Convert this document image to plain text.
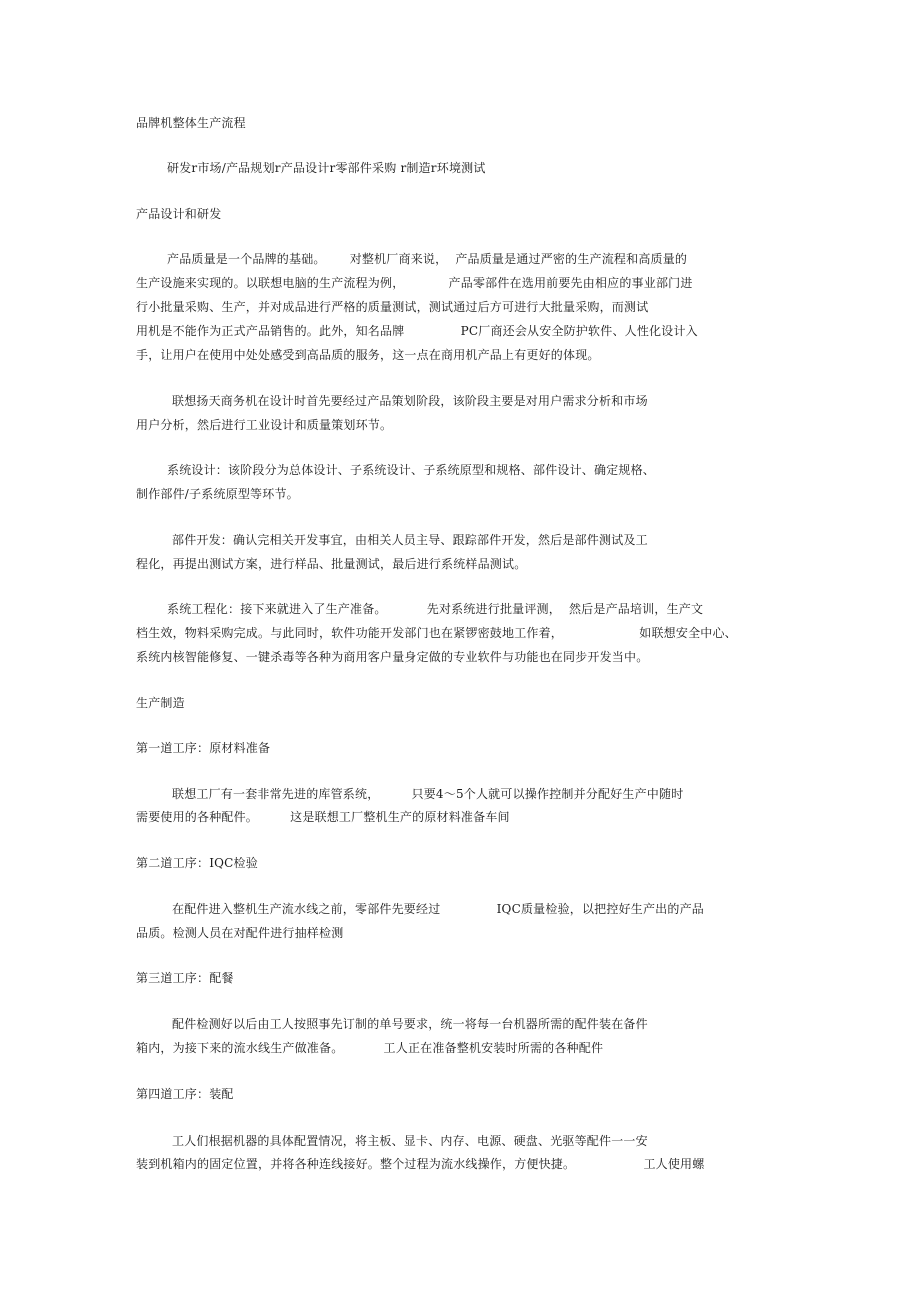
品牌机整体生产流程
研发r市场/产品规划r产品设计r零部件采购 r制造r环境测试
产品设计和研发
产品质量是一个品牌的基础。      对整机厂商来说，  产品质量是通过严密的生产流程和高质量的
生产设施来实现的。以联想电脑的生产流程为例，           产品零部件在选用前要先由相应的事业部门进
行小批量采购、生产，并对成品进行严格的质量测试，测试通过后方可进行大批量采购，而测试
用机是不能作为正式产品销售的。此外，知名品牌              PC厂商还会从安全防护软件、人性化设计入
手，让用户在使用中处处感受到高品质的服务，这一点在商用机产品上有更好的体现。
联想扬天商务机在设计时首先要经过产品策划阶段，该阶段主要是对用户需求分析和市场
用户分析，然后进行工业设计和质量策划环节。
系统设计：该阶段分为总体设计、子系统设计、子系统原型和规格、部件设计、确定规格、
制作部件/子系统原型等环节。
部件开发：确认完相关开发事宜，由相关人员主导、跟踪部件开发，然后是部件测试及工
程化，再提出测试方案，进行样品、批量测试，最后进行系统样品测试。
系统工程化：接下来就进入了生产准备。          先对系统进行批量评测，  然后是产品培训，生产文
档生效，物料采购完成。与此同时，软件功能开发部门也在紧锣密鼓地工作着，                   如联想安全中心、
系统内核智能修复、一键杀毒等各种为商用客户量身定做的专业软件与功能也在同步开发当中。
生产制造
第一道工序：原材料准备
联想工厂有一套非常先进的库管系统，        只要4〜5个人就可以操作控制并分配好生产中随时
需要使用的各种配件。        这是联想工厂整机生产的原材料准备车间
第二道工序：IQC检验
在配件进入整机生产流水线之前，零部件先要经过              IQC质量检验，以把控好生产出的产品
品质。检测人员在对配件进行抽样检测
第三道工序：配餐
配件检测好以后由工人按照事先订制的单号要求，统一将每一台机器所需的配件装在备件
箱内，为接下来的流水线生产做准备。          工人正在准备整机安装时所需的各种配件
第四道工序：装配
工人们根据机器的具体配置情况，将主板、显卡、内存、电源、硬盘、光驱等配件一一安
装到机箱内的固定位置，并将各种连线接好。整个过程为流水线操作，方便快捷。                 工人使用螺
